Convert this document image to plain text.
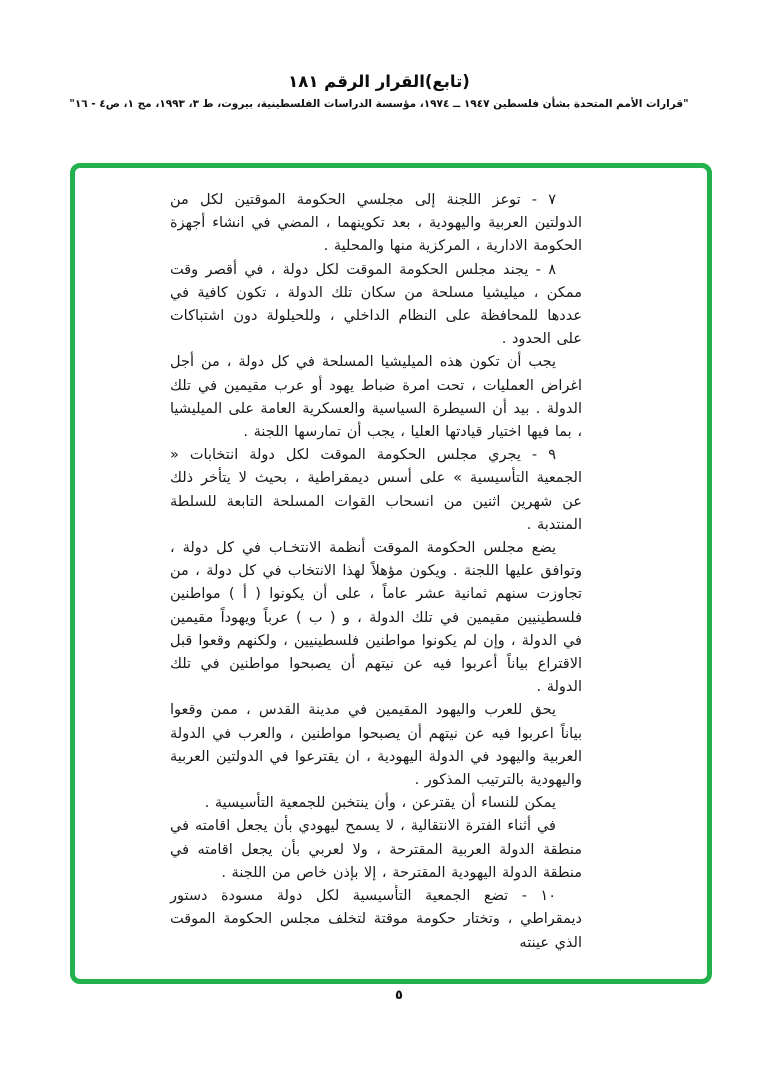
(تابع)القرار الرقم ١٨١
"قرارات الأمم المتحدة بشأن فلسطين ١٩٤٧ ــ ١٩٧٤، مؤسسة الدراسات الفلسطينية، بيروت، ط ٣، ١٩٩٣، مج ١، ص٤ - ١٦"

٧ - توعز اللجنة إلى مجلسي الحكومة الموقتين لكل من الدولتين العربية واليهودية ، بعد تكوينهما ، المضي في انشاء أجهزة الحكومة الادارية ، المركزية منها والمحلية .

٨ - يجند مجلس الحكومة الموقت لكل دولة ، في أقصر وقت ممكن ، ميليشيا مسلحة من سكان تلك الدولة ، تكون كافية في عددها للمحافظة على النظام الداخلي ، وللحيلولة دون اشتباكات على الحدود .

يجب أن تكون هذه الميليشيا المسلحة في كل دولة ، من أجل اغراض العمليات ، تحت امرة ضباط يهود أو عرب مقيمين في تلك الدولة . بيد أن السيطرة السياسية والعسكرية العامة على الميليشيا ، بما فيها اختيار قيادتها العليا ، يجب أن تمارسها اللجنة .

٩ - يجري مجلس الحكومة الموقت لكل دولة انتخابات « الجمعية التأسيسية » على أسس ديمقراطية ، بحيث لا يتأخر ذلك عن شهرين اثنين من انسحاب القوات المسلحة التابعة للسلطة المنتدبة .

يضع مجلس الحكومة الموقت أنظمة الانتخـاب في كل دولة ، وتوافق عليها اللجنة . ويكون مؤهلاً لهذا الانتخاب في كل دولة ، من تجاوزت سنهم ثمانية عشر عاماً ، على أن يكونوا ( أ ) مواطنين فلسطينيين مقيمين في تلك الدولة ، و ( ب ) عرباً ويهوداً مقيمين في الدولة ، وإن لم يكونوا مواطنين فلسطينيين ، ولكنهم وقعوا قبل الاقتراع بياناً أعربوا فيه عن نيتهم أن يصبحوا مواطنين في تلك الدولة .

يحق للعرب واليهود المقيمين في مدينة القدس ، ممن وقعوا بياناً اعربوا فيه عن نيتهم أن يصبحوا مواطنين ، والعرب في الدولة العربية واليهود في الدولة اليهودية ، ان يقترعوا في الدولتين العربية واليهودية بالترتيب المذكور .

يمكن للنساء أن يقترعن ، وأن ينتخبن للجمعية التأسيسية .

في أثناء الفترة الانتقالية ، لا يسمح ليهودي بأن يجعل اقامته في منطقة الدولة العربية المقترحة ، ولا لعربي بأن يجعل اقامته في منطقة الدولة اليهودية المقترحة ، إلا بإذن خاص من اللجنة .

١٠ - تضع الجمعية التأسيسية لكل دولة مسودة دستور ديمقراطي ، وتختار حكومة موقتة لتخلف مجلس الحكومة الموقت الذي عينته

٥
